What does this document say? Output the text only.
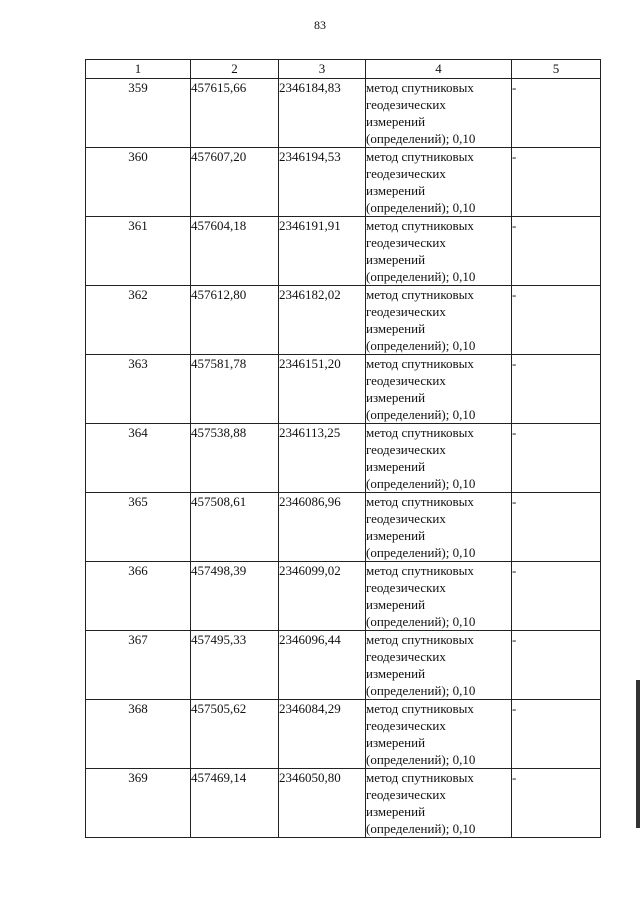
83
1	2	3	4	5
359	457615,66	2346184,83	метод спутниковых
геодезических
измерений
(определений); 0,10	-
360	457607,20	2346194,53	метод спутниковых
геодезических
измерений
(определений); 0,10	-
361	457604,18	2346191,91	метод спутниковых
геодезических
измерений
(определений); 0,10	-
362	457612,80	2346182,02	метод спутниковых
геодезических
измерений
(определений); 0,10	-
363	457581,78	2346151,20	метод спутниковых
геодезических
измерений
(определений); 0,10	-
364	457538,88	2346113,25	метод спутниковых
геодезических
измерений
(определений); 0,10	-
365	457508,61	2346086,96	метод спутниковых
геодезических
измерений
(определений); 0,10	-
366	457498,39	2346099,02	метод спутниковых
геодезических
измерений
(определений); 0,10	-
367	457495,33	2346096,44	метод спутниковых
геодезических
измерений
(определений); 0,10	-
368	457505,62	2346084,29	метод спутниковых
геодезических
измерений
(определений); 0,10	-
369	457469,14	2346050,80	метод спутниковых
геодезических
измерений
(определений); 0,10	-
